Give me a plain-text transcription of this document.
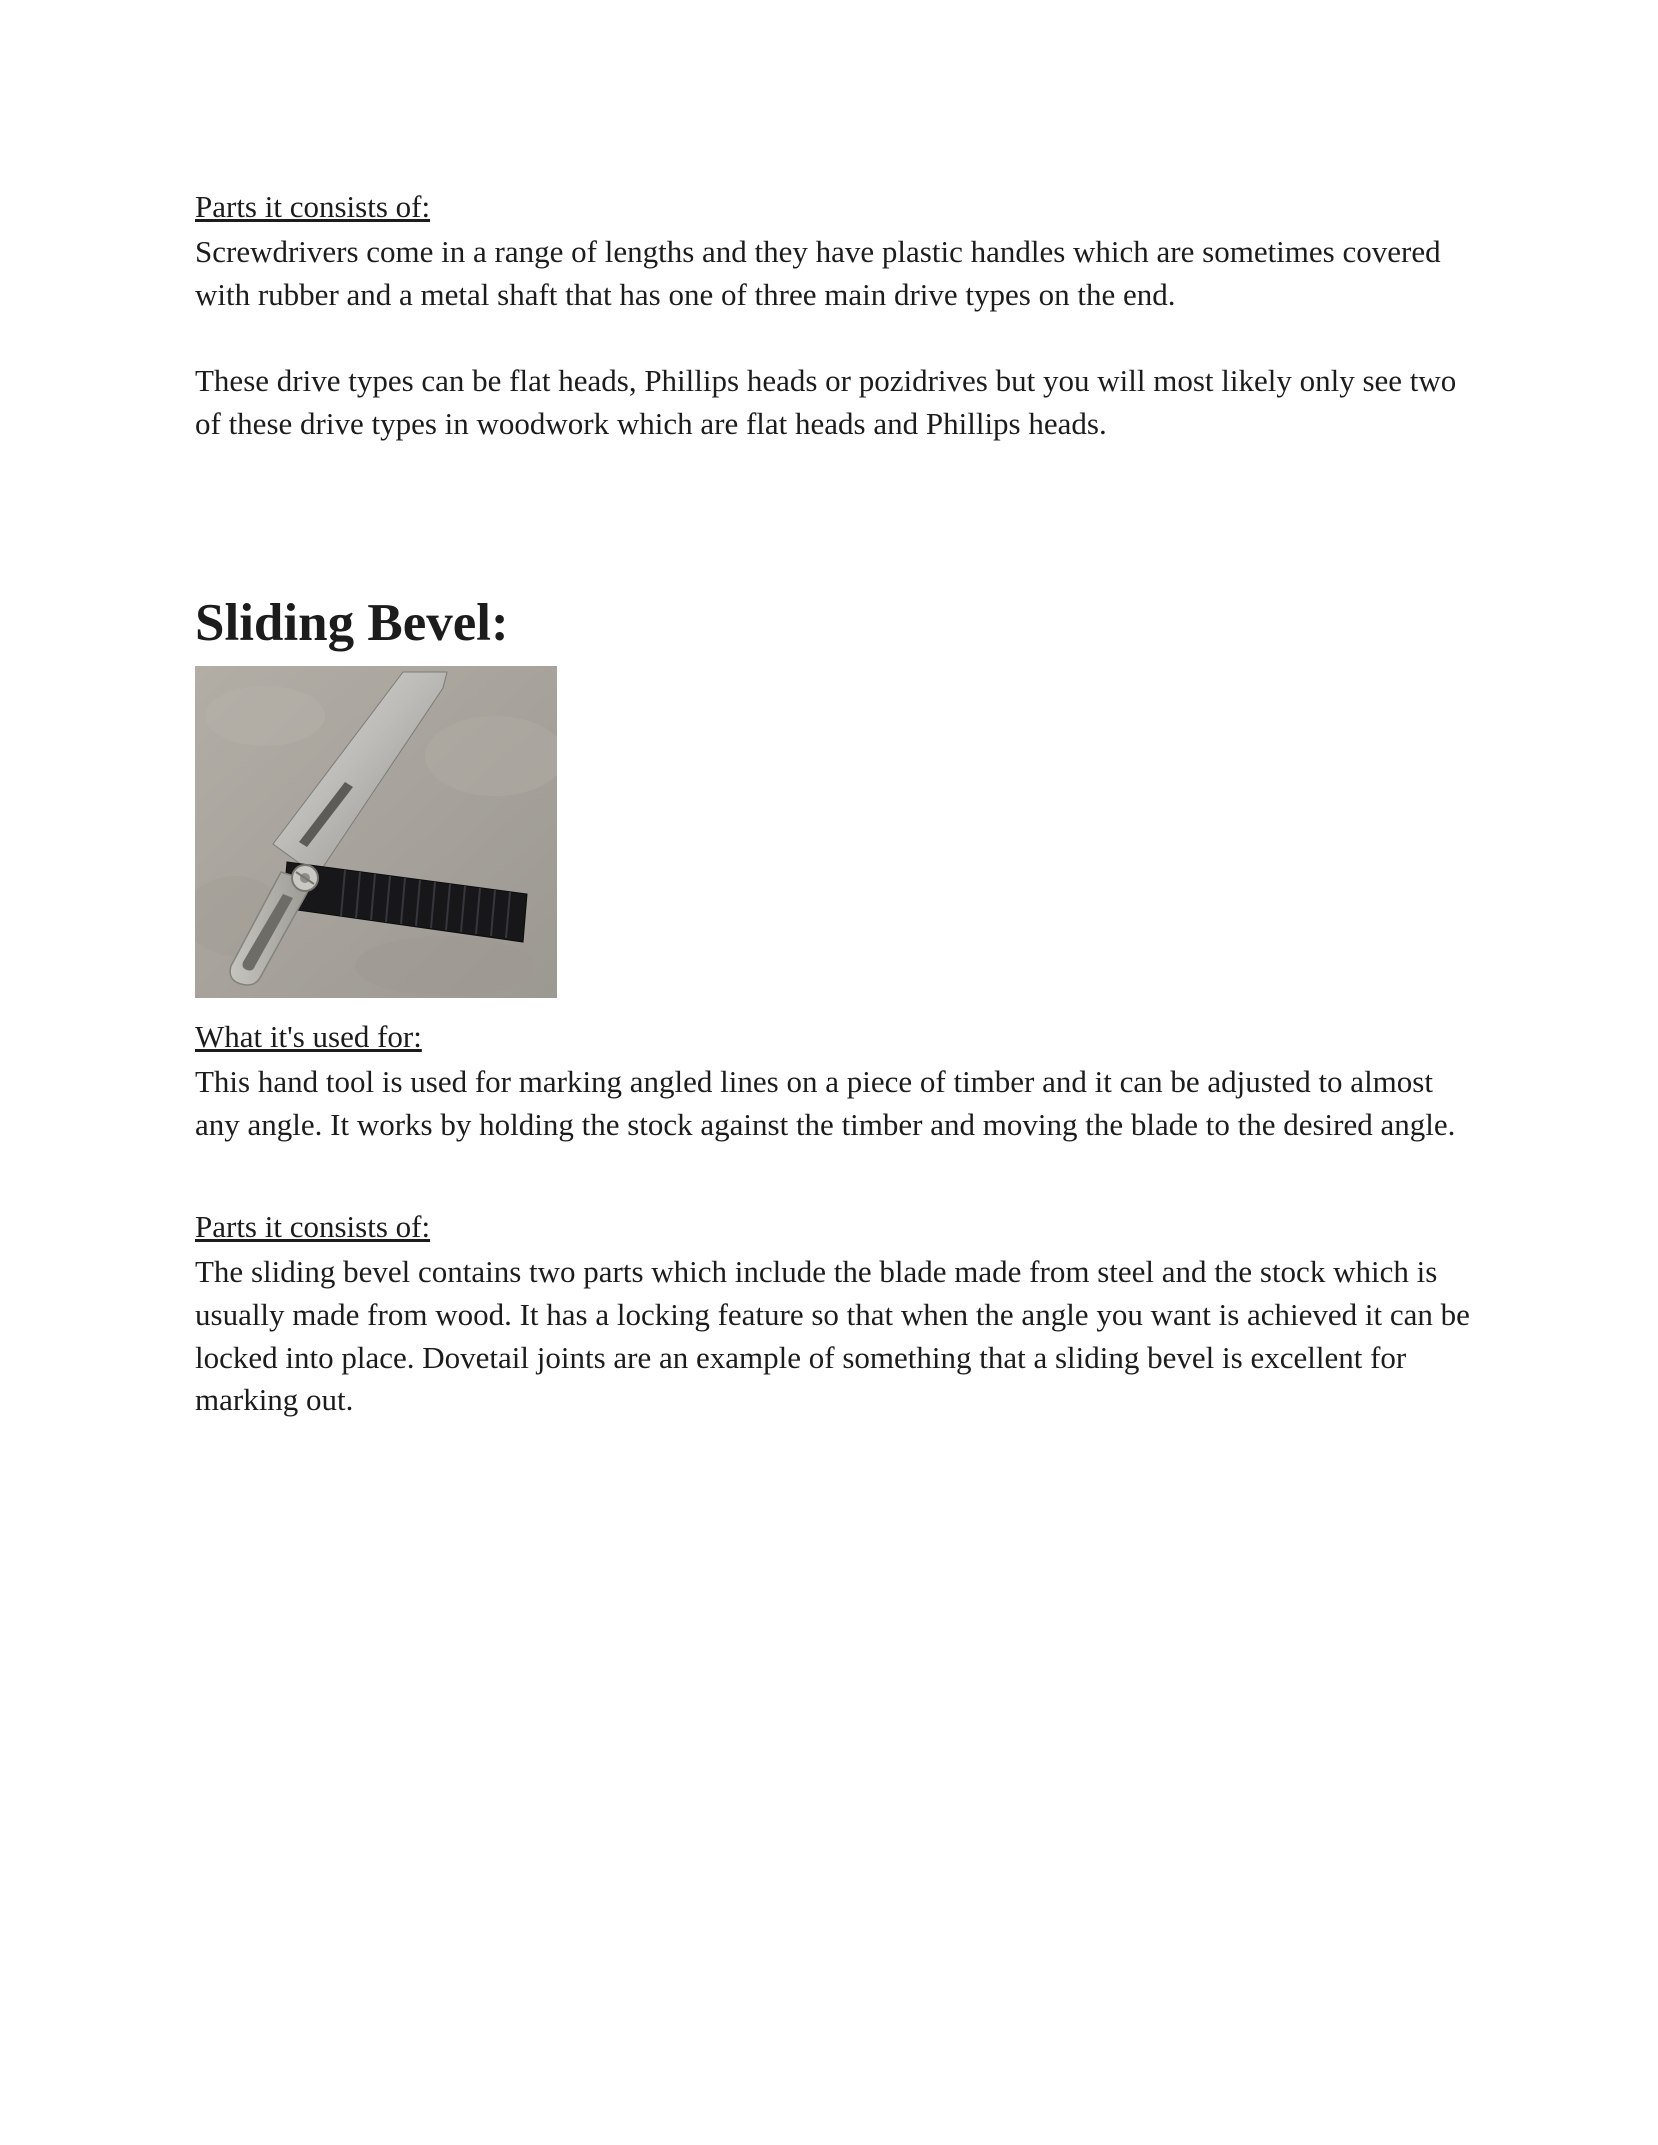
Parts it consists of:

Screwdrivers come in a range of lengths and they have plastic handles which are sometimes covered with rubber and a metal shaft that has one of three main drive types on the end.

These drive types can be flat heads, Phillips heads or pozidrives but you will most likely only see two of these drive types in woodwork which are flat heads and Phillips heads.

Sliding Bevel:
What it's used for:

This hand tool is used for marking angled lines on a piece of timber and it can be adjusted to almost any angle. It works by holding the stock against the timber and moving the blade to the desired angle.

Parts it consists of:

The sliding bevel contains two parts which include the blade made from steel and the stock which is usually made from wood. It has a locking feature so that when the angle you want is achieved it can be locked into place. Dovetail joints are an example of something that a sliding bevel is excellent for marking out.
